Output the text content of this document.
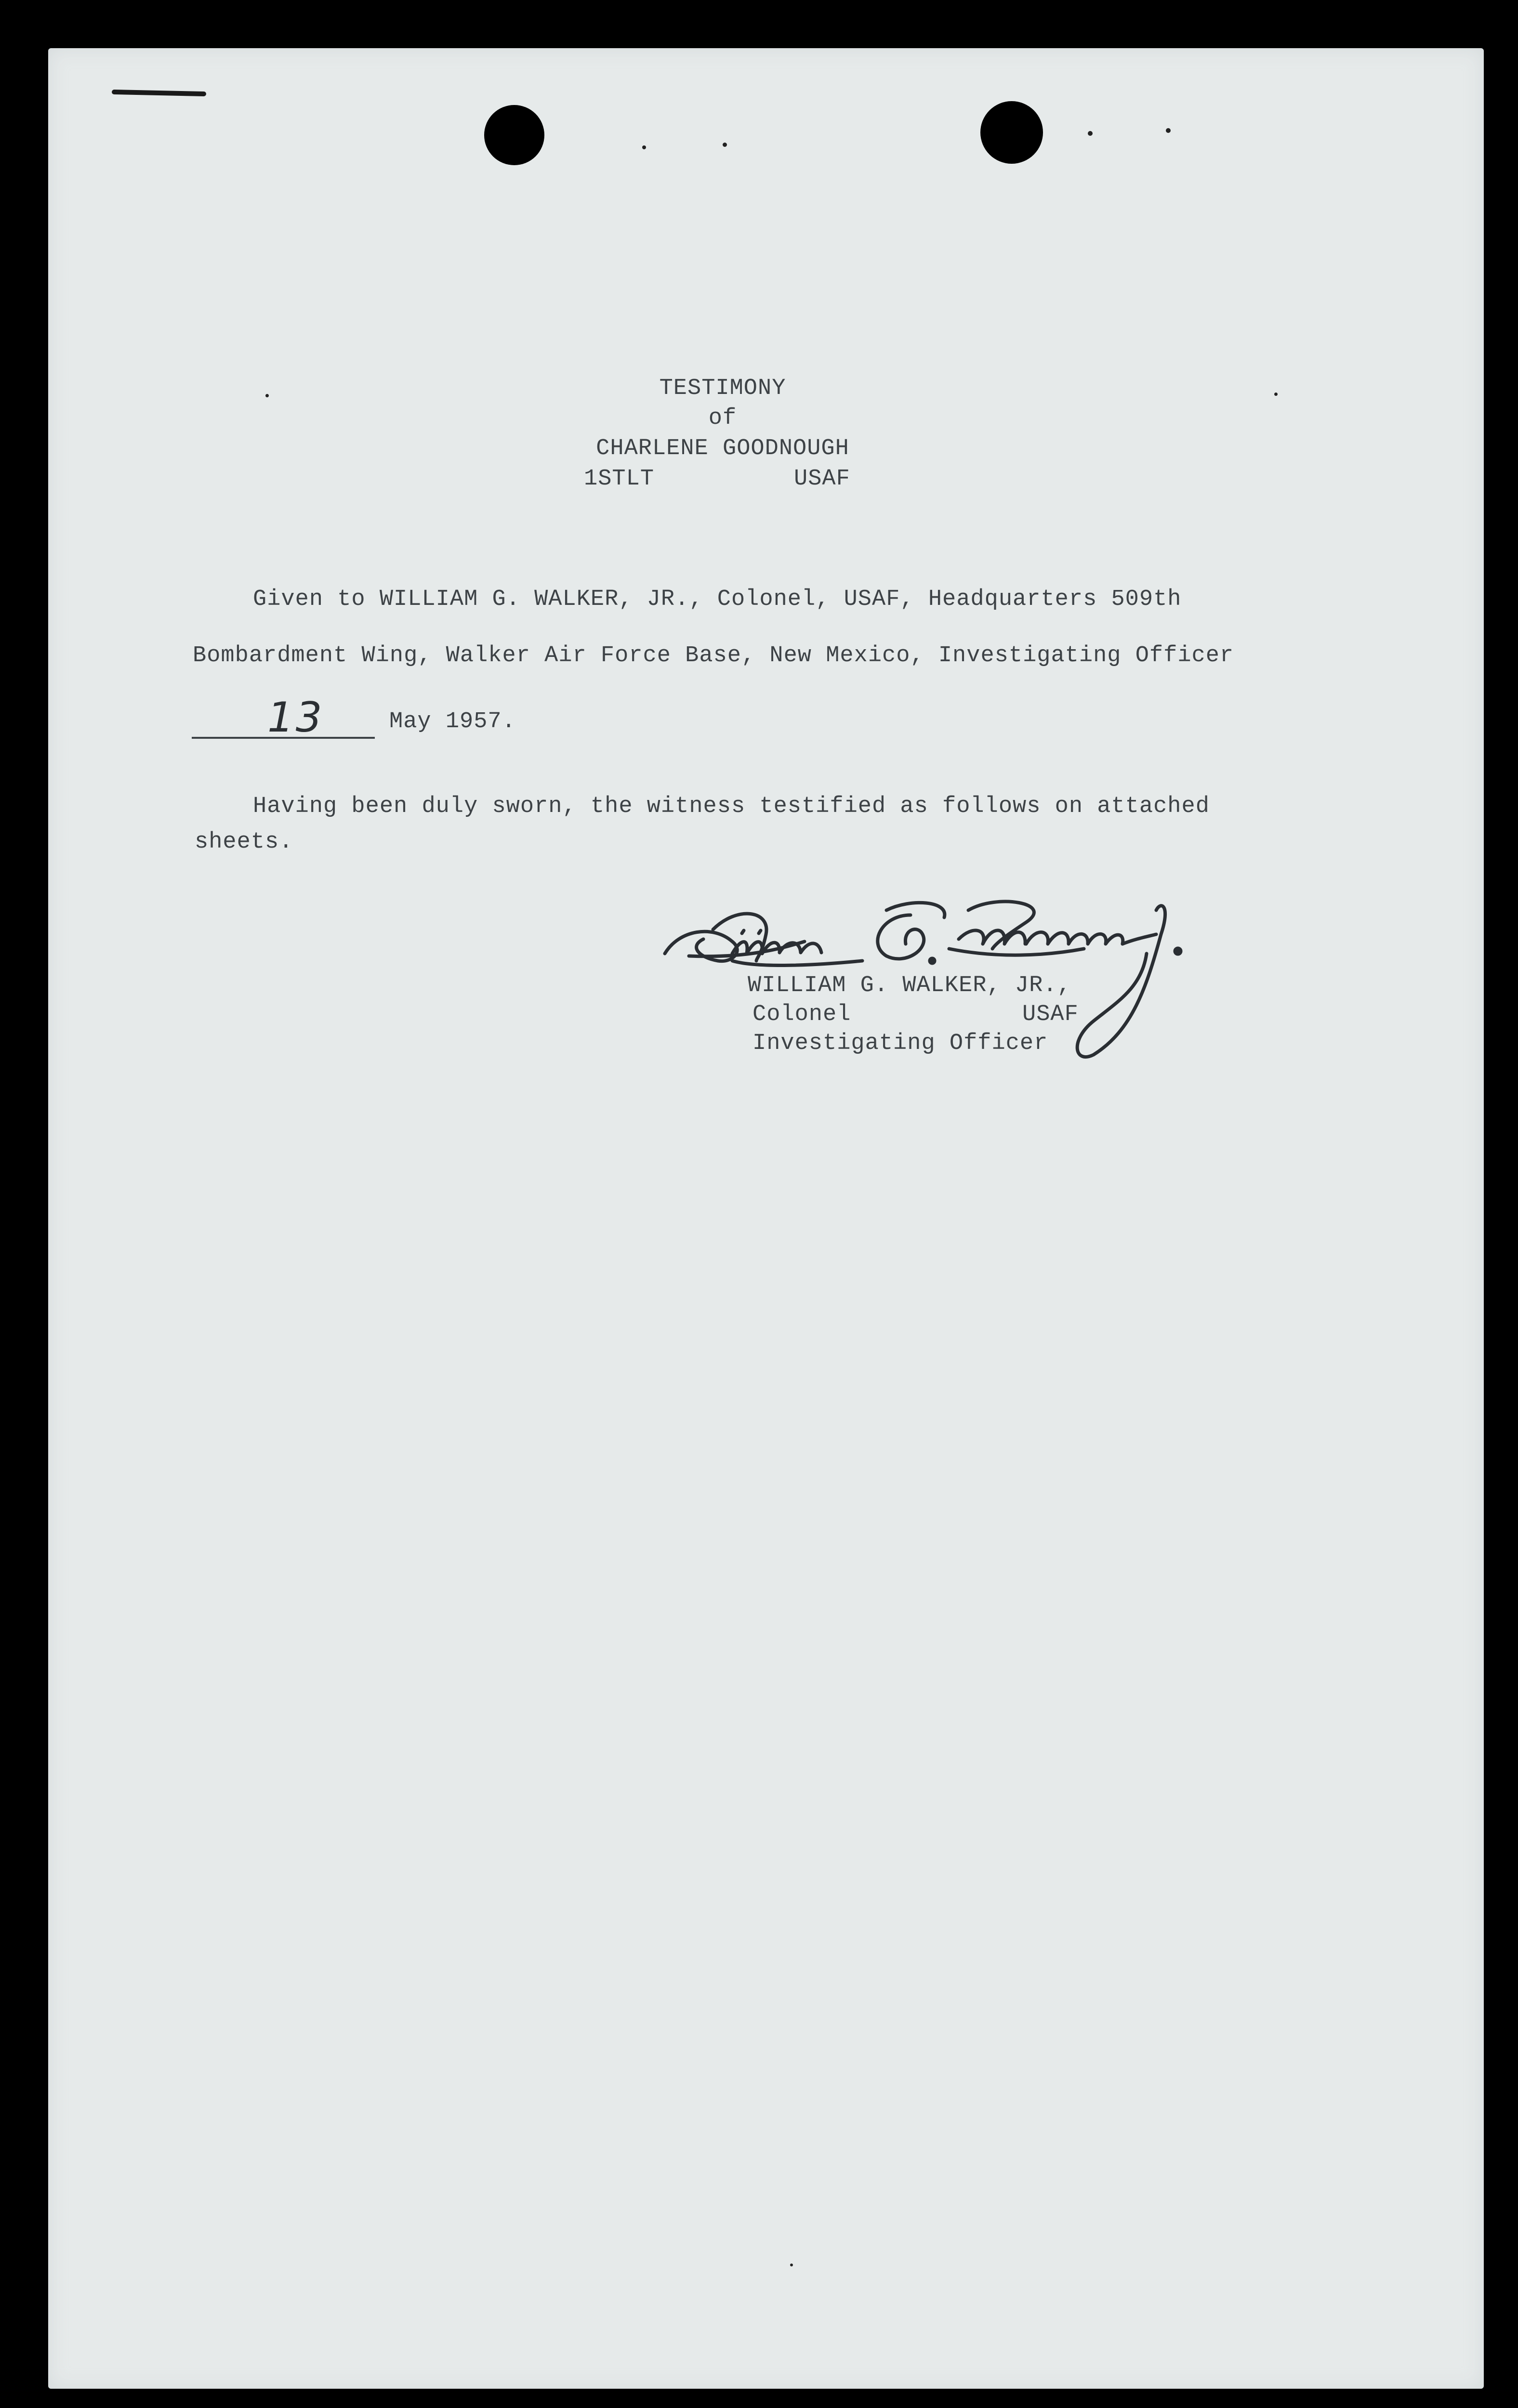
TESTIMONY

of

CHARLENE GOODNOUGH

1STLT	USAF

Given to WILLIAM G. WALKER, JR., Colonel, USAF, Headquarters 509th

Bombardment Wing, Walker Air Force Base, New Mexico, Investigating Officer

13	May 1957.

Having been duly sworn, the witness testified as follows on attached

sheets.

WILLIAM G. WALKER, JR.,

Colonel	USAF

Investigating Officer
